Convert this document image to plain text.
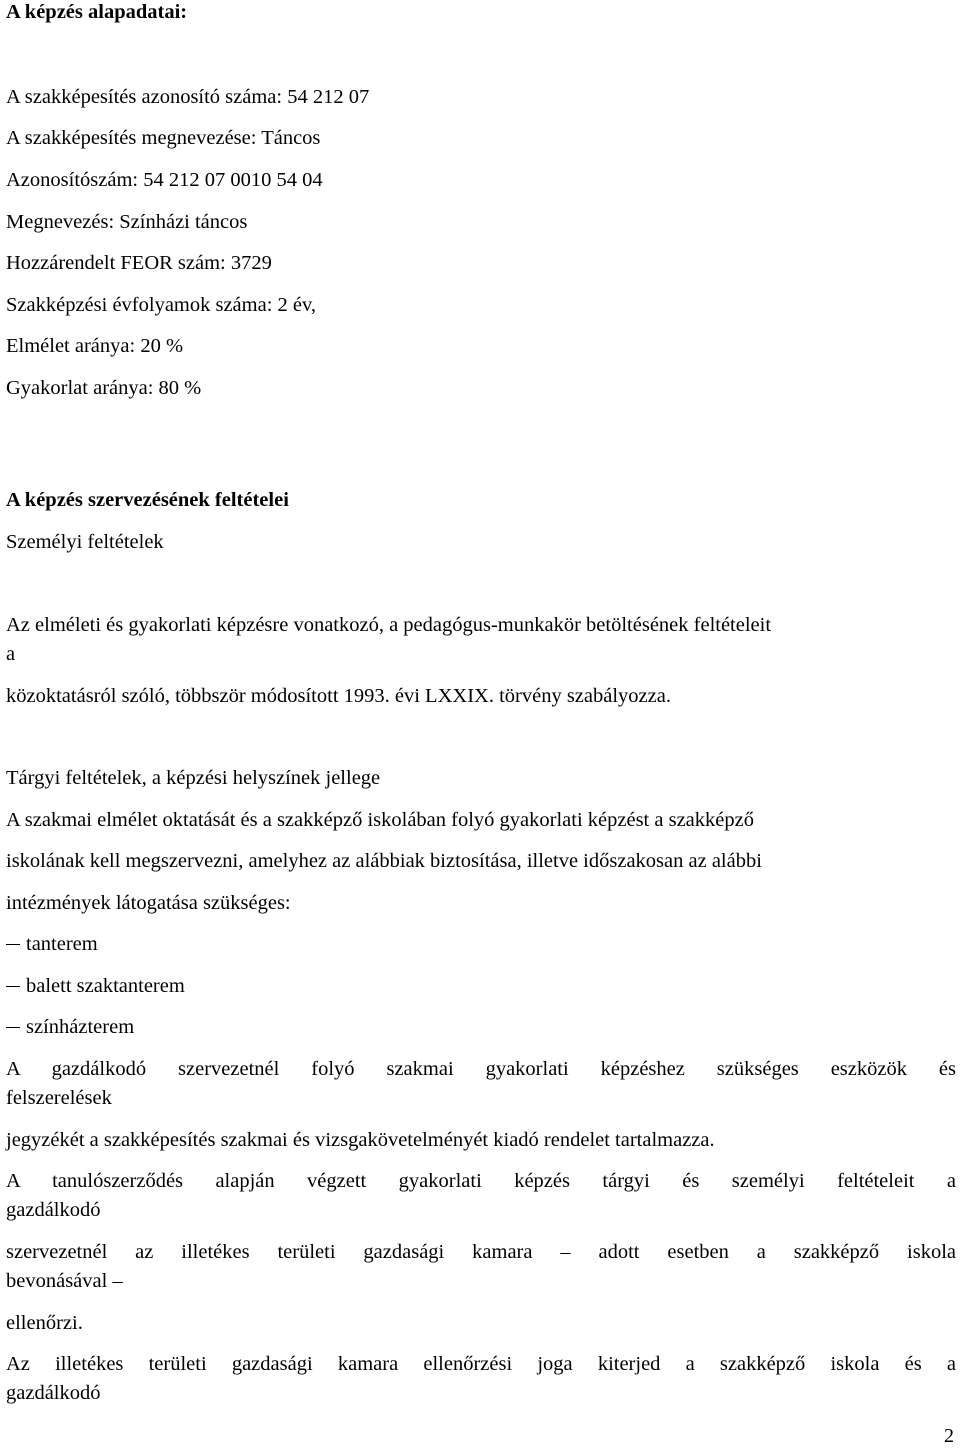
A képzés alapadatai:
A szakképesítés azonosító száma: 54 212 07
A szakképesítés megnevezése: Táncos
Azonosítószám: 54 212 07 0010 54 04
Megnevezés: Színházi táncos
Hozzárendelt FEOR szám: 3729
Szakképzési évfolyamok száma: 2 év,
Elmélet aránya: 20 %
Gyakorlat aránya: 80 %
A képzés szervezésének feltételei
Személyi feltételek
Az elméleti és gyakorlati képzésre vonatkozó, a pedagógus-munkakör betöltésének feltételeit
a
közoktatásról szóló, többször módosított 1993. évi LXXIX. törvény szabályozza.
Tárgyi feltételek, a képzési helyszínek jellege
A szakmai elmélet oktatását és a szakképző iskolában folyó gyakorlati képzést a szakképző
iskolának kell megszervezni, amelyhez az alábbiak biztosítása, illetve időszakosan az alábbi
intézmények látogatása szükséges:
tanterem
balett szaktanterem
színházterem
A gazdálkodó szervezetnél folyó szakmai gyakorlati képzéshez szükséges eszközök és
felszerelések
jegyzékét a szakképesítés szakmai és vizsgakövetelményét kiadó rendelet tartalmazza.
A tanulószerződés alapján végzett gyakorlati képzés tárgyi és személyi feltételeit a
gazdálkodó
szervezetnél az illetékes területi gazdasági kamara – adott esetben a szakképző iskola
bevonásával –
ellenőrzi.
Az illetékes területi gazdasági kamara ellenőrzési joga kiterjed a szakképző iskola és a
gazdálkodó
2
